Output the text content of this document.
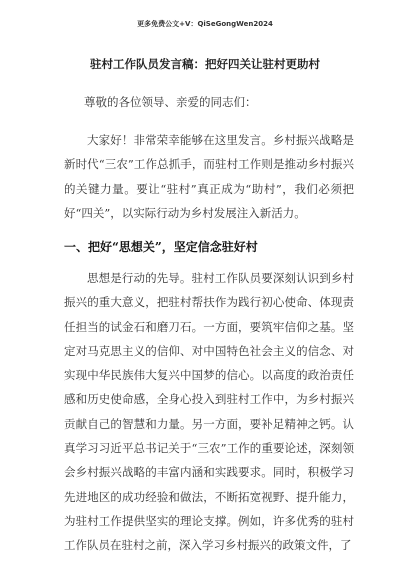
更多免费公文+V：QiSeGongWen2024
驻村工作队员发言稿：把好四关让驻村更助村
尊敬的各位领导、亲爱的同志们：
大家好！非常荣幸能够在这里发言。乡村振兴战略是新时代“三农”工作总抓手，而驻村工作则是推动乡村振兴的关键力量。要让“驻村”真正成为“助村”，我们必须把好“四关”，以实际行动为乡村发展注入新活力。
一、把好“思想关”，坚定信念驻好村
思想是行动的先导。驻村工作队员要深刻认识到乡村振兴的重大意义，把驻村帮扶作为践行初心使命、体现责任担当的试金石和磨刀石。一方面，要筑牢信仰之基。坚定对马克思主义的信仰、对中国特色社会主义的信念、对实现中华民族伟大复兴中国梦的信心。以高度的政治责任感和历史使命感，全身心投入到驻村工作中，为乡村振兴贡献自己的智慧和力量。另一方面，要补足精神之钙。认真学习习近平总书记关于“三农”工作的重要论述，深刻领会乡村振兴战略的丰富内涵和实践要求。同时，积极学习先进地区的成功经验和做法，不断拓宽视野、提升能力，为驻村工作提供坚实的理论支撑。例如，许多优秀的驻村工作队员在驻村之前，深入学习乡村振兴的政策文件，了
